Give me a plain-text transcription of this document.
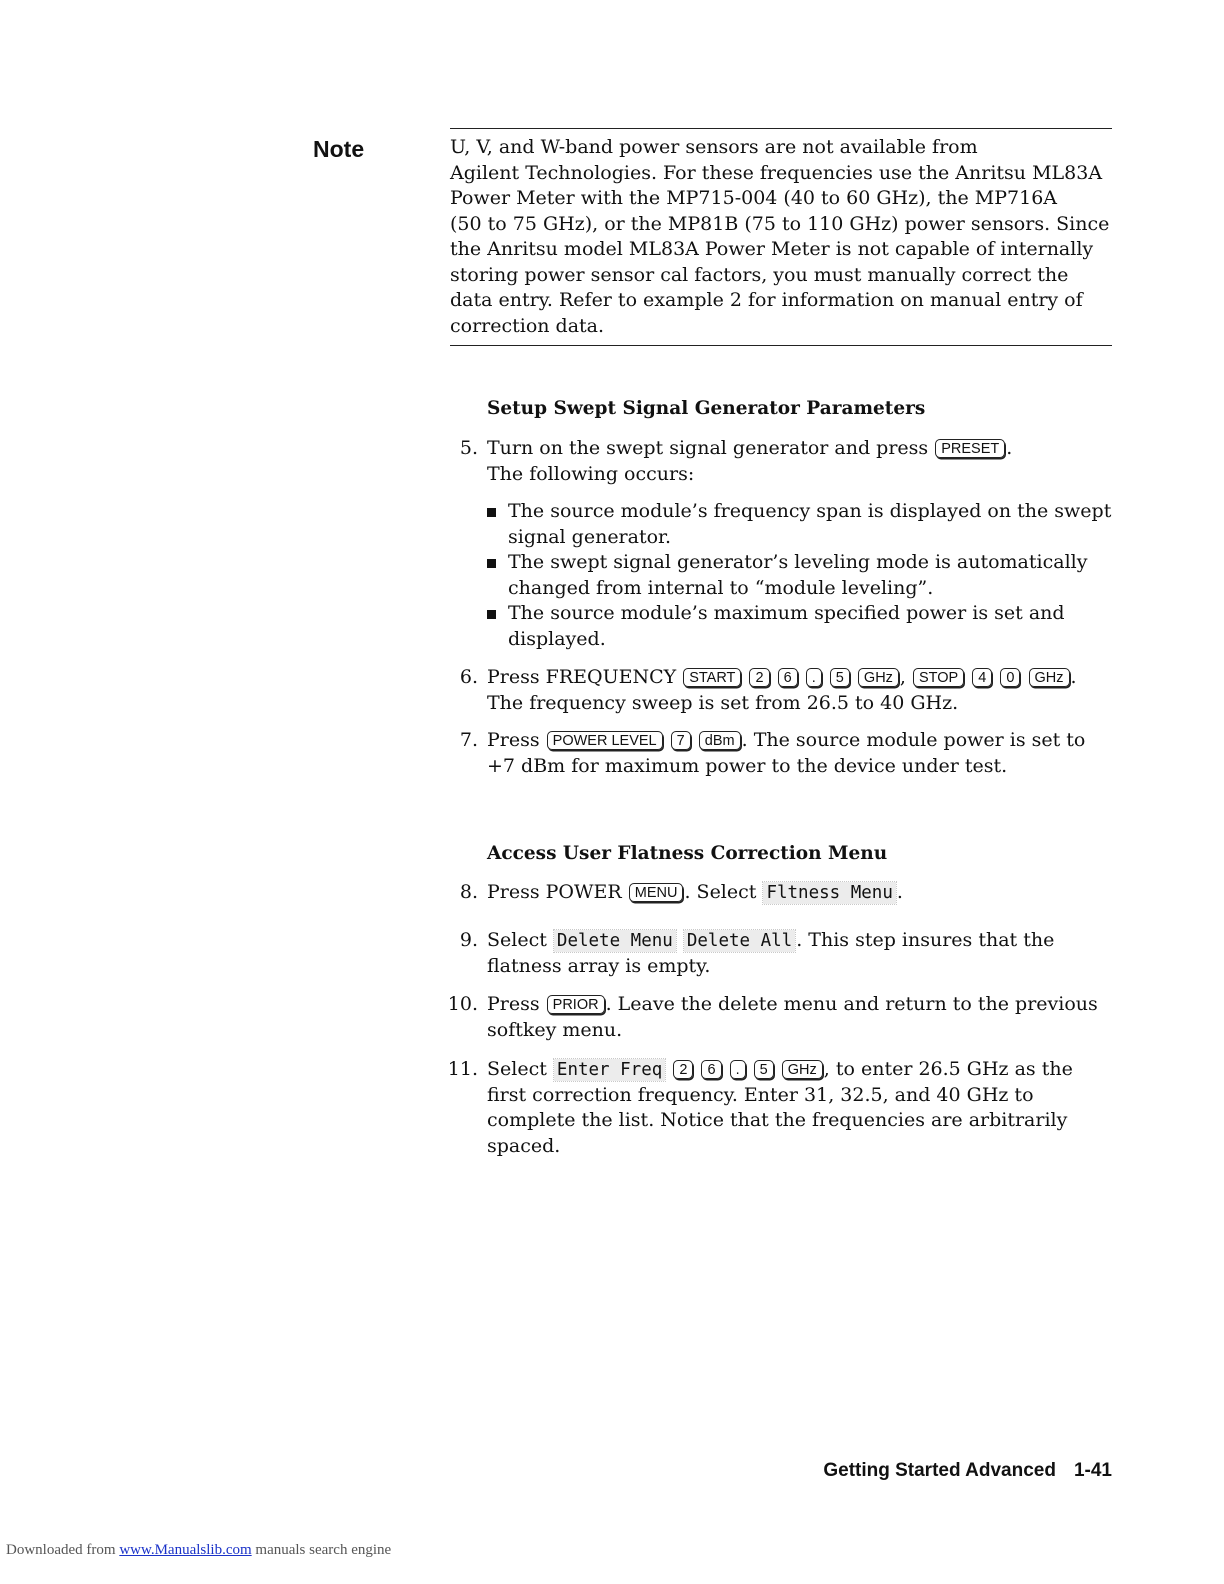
Note	U, V, and W-band power sensors are not available from
Agilent Technologies. For these frequencies use the Anritsu ML83A
Power Meter with the MP715-004 (40 to 60 GHz), the MP716A
(50 to 75 GHz), or the MP81B (75 to 110 GHz) power sensors. Since
the Anritsu model ML83A Power Meter is not capable of internally
storing power sensor cal factors, you must manually correct the
data entry. Refer to example 2 for information on manual entry of
correction data.
Setup Swept Signal Generator Parameters
5. Turn on the swept signal generator and press PRESET .
The following occurs:
The source module’s frequency span is displayed on the swept signal generator.
The swept signal generator’s leveling mode is automatically changed from internal to “module leveling”.
The source module’s maximum specified power is set and displayed.
6. Press FREQUENCY START 2 6 . 5 GHz , STOP 4 0 GHz . The frequency sweep is set from 26.5 to 40 GHz.
7. Press POWER LEVEL 7 dBm . The source module power is set to +7 dBm for maximum power to the device under test.
Access User Flatness Correction Menu
8. Press POWER MENU . Select Fltness Menu .
9. Select Delete Menu Delete All . This step insures that the flatness array is empty.
10. Press PRIOR . Leave the delete menu and return to the previous softkey menu.
11. Select Enter Freq 2 6 . 5 GHz , to enter 26.5 GHz as the first correction frequency. Enter 31, 32.5, and 40 GHz to complete the list. Notice that the frequencies are arbitrarily spaced.
Getting Started Advanced 1-41
Downloaded from www.Manualslib.com manuals search engine
